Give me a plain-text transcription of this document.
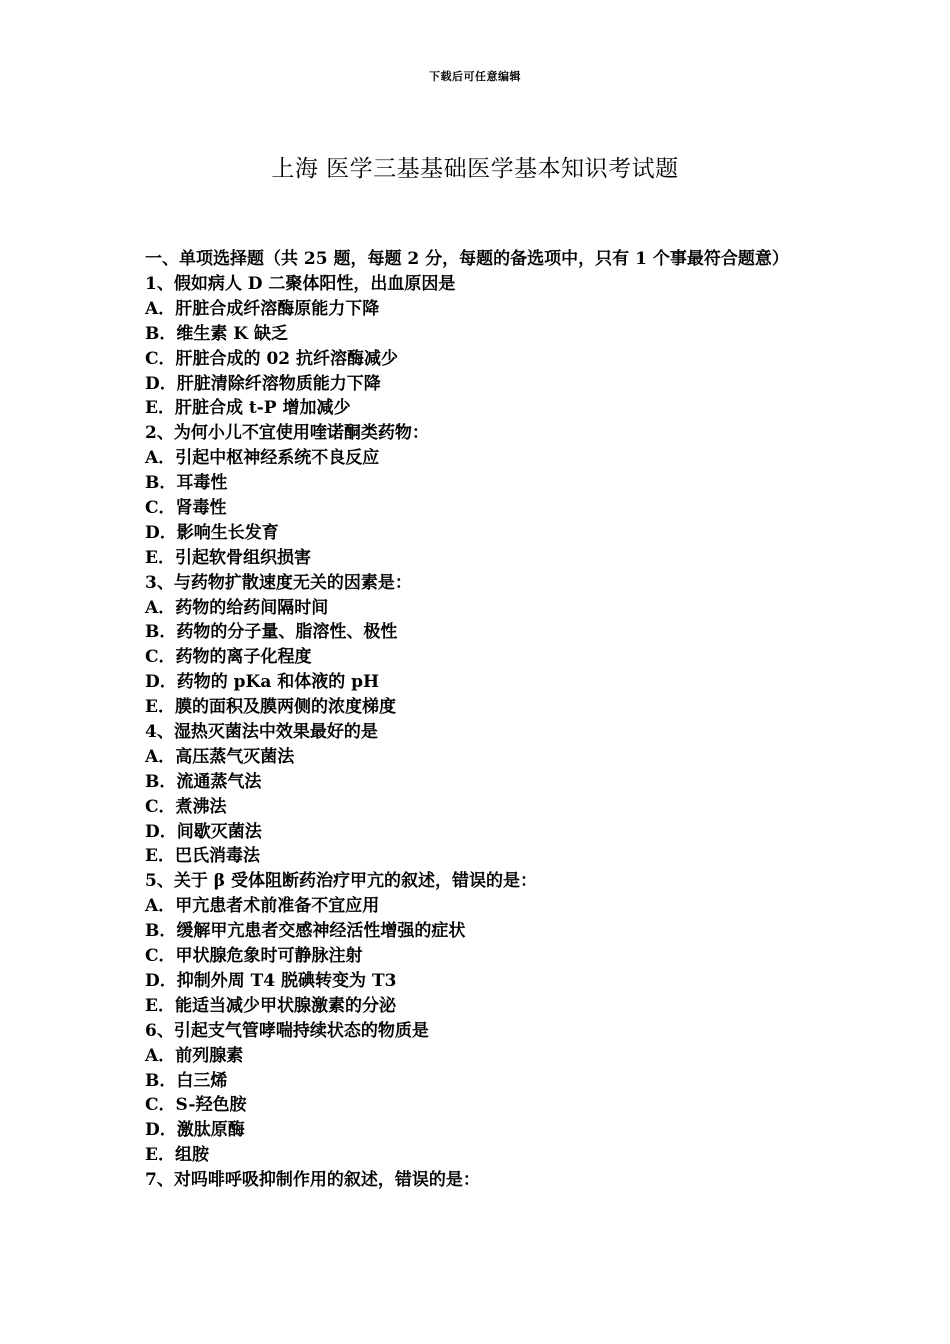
下载后可任意编辑
上海 医学三基基础医学基本知识考试题

一、单项选择题（共 25 题，每题 2 分，每题的备选项中，只有 1 个事最符合题意）

1、假如病人 D 二聚体阳性，出血原因是

A．肝脏合成纤溶酶原能力下降

B．维生素 K 缺乏

C．肝脏合成的 02 抗纤溶酶减少

D．肝脏清除纤溶物质能力下降

E．肝脏合成 t-P 增加减少

2、为何小儿不宜使用喹诺酮类药物：

A．引起中枢神经系统不良反应

B．耳毒性

C．肾毒性

D．影响生长发育

E．引起软骨组织损害

3、与药物扩散速度无关的因素是：

A．药物的给药间隔时间

B．药物的分子量、脂溶性、极性

C．药物的离子化程度

D．药物的 pKa 和体液的 pH

E．膜的面积及膜两侧的浓度梯度

4、湿热灭菌法中效果最好的是

A．高压蒸气灭菌法

B．流通蒸气法

C．煮沸法

D．间歇灭菌法

E．巴氏消毒法

5、关于 β 受体阻断药治疗甲亢的叙述，错误的是：

A．甲亢患者术前准备不宜应用

B．缓解甲亢患者交感神经活性增强的症状

C．甲状腺危象时可静脉注射

D．抑制外周 T4 脱碘转变为 T3

E．能适当减少甲状腺激素的分泌

6、引起支气管哮喘持续状态的物质是

A．前列腺素

B．白三烯

C．S-羟色胺

D．激肽原酶

E．组胺

7、对吗啡呼吸抑制作用的叙述，错误的是：
